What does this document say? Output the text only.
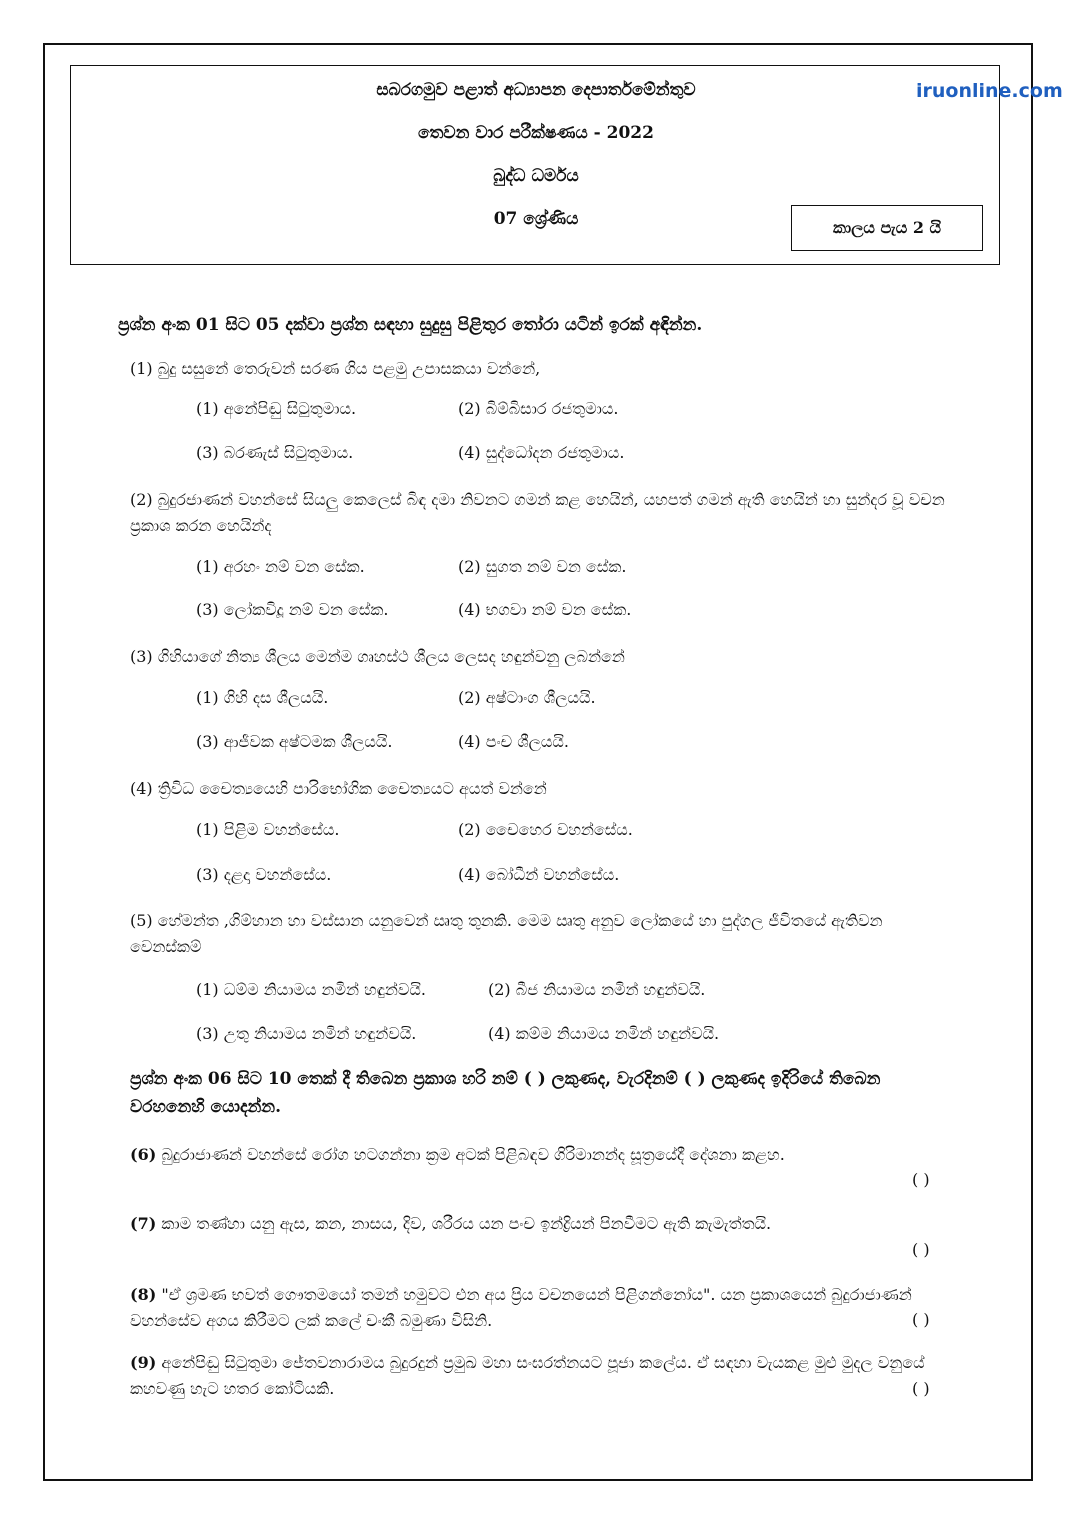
සබරගමුව පළාත් අධ්‍යාපන දෙපාර්තමේන්තුව	iruonline.com
තෙවන වාර පරීක්ෂණය - 2022
බුද්ධ ධර්මය
07 ශ්‍රේණිය	කාලය පැය 2 යි
ප්‍රශ්න අංක 01 සිට 05 දක්වා ප්‍රශ්න සඳහා සුදුසු පිළිතුර තෝරා යටින් ඉරක් අඳින්න.
(1) බුදු සසුනේ තෙරුවන් සරණ ගිය පළමු උපාසකයා වන්නේ,
(1) අනේපිඬු සිටුතුමාය.	(2) බිම්බිසාර රජතුමාය.
(3) බරණැස් සිටුතුමාය.	(4) සුද්ධෝදන රජතුමාය.
(2) බුදුරජාණන් වහන්සේ සියලු කෙලෙස් බිඳ දමා නිවනට ගමන් කළ හෙයින්, යහපත් ගමන් ඇති හෙයින් හා සුන්දර වූ වචන ප්‍රකාශ කරන හෙයින්ද
(1) අරහං නම් වන සේක.	(2) සුගත නම් වන සේක.
(3) ලෝකවිදූ නම් වන සේක.	(4) භගවා නම් වන සේක.
(3) ගිහියාගේ නිත්‍ය ශීලය මෙන්ම ගෘහස්ථ ශීලය ලෙසද හඳුන්වනු ලබන්නේ
(1) ගිහි දස ශීලයයි.	(2) අෂ්ටාංග ශීලයයි.
(3) ආජීවක අෂ්ටමක ශීලයයි.	(4) පංච ශීලයයි.
(4) ත්‍රිවිධ චෛත්‍යයෙහි පාරිභෝගික චෛත්‍යයට අයත් වන්නේ
(1) පිළිම වහන්සේය.	(2) චෛහෙර වහන්සේය.
(3) දළදා වහන්සේය.	(4) බෝධීන් වහන්සේය.
(5) හේමන්ත ,ගිම්හාන හා වස්සාන යනුවෙන් ඍතු තුනකි. මෙම ඍතු අනුව ලෝකයේ හා පුද්ගල ජීවිතයේ ඇතිවන වෙනස්කම්
(1) ධම්ම නියාමය නමින් හඳුන්වයි.	(2) බීජ නියාමය නමින් හඳුන්වයි.
(3) උතු නියාමය නමින් හඳුන්වයි.	(4) කම්ම නියාමය නමින් හඳුන්වයි.
ප්‍රශ්න අංක 06 සිට 10 තෙක් දී තිබෙන ප්‍රකාශ හරි නම් ( ) ලකුණද, වැරදිනම් ( ) ලකුණද ඉදිරියේ තිබෙන වරහනෙහි යොදන්න.
(6) බුදුරාජාණන් වහන්සේ රෝග හටගන්නා ක්‍රම අටක් පිළිබඳව ගිරිමානන්ද සූත්‍රයේදී දේශනා කළහ.
( )
(7) කාම තණ්හා යනු ඇස, කන, නාසය, දිව, ශරීරය යන පංච ඉන්ද්‍රියන් පිනවීමට ඇති කැමැත්තයි.
( )
(8) "ඒ ශ්‍රමණ භවත් ගෞතමයෝ තමන් හමුවට එන අය ප්‍රිය වචනයෙන් පිළිගන්නෝය". යන ප්‍රකාශයෙන් බුදුරාජාණන් වහන්සේව අගය කිරීමට ලක් කලේ චංකී බමුණා විසිනි.	( )
(9) අනේපිඬු සිටුතුමා ජේතවනාරාමය බුදුරදුන් ප්‍රමුඛ මහා සංඝරත්නයට පූජා කලේය. ඒ සඳහා වැයකළ මුළු මුදල වනුයේ කහවණු හැට හතර කෝටියකි.	( )
